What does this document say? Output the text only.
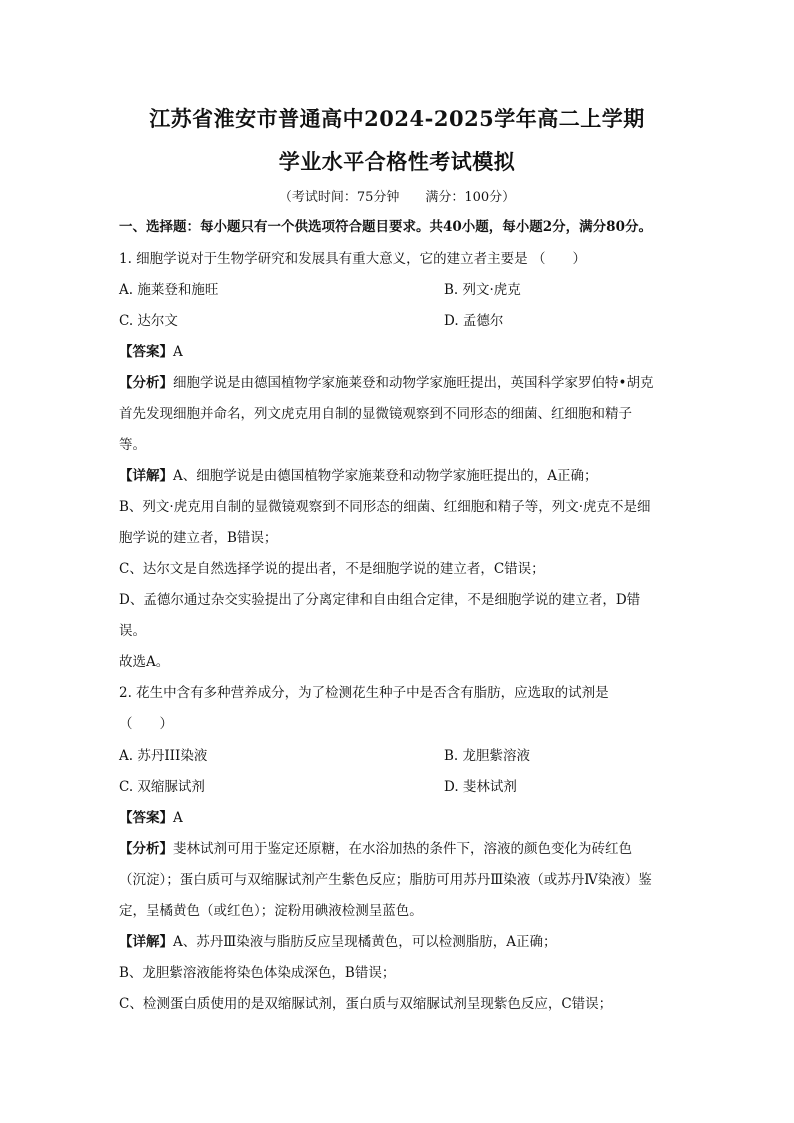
江苏省淮安市普通高中2024-2025学年高二上学期
学业水平合格性考试模拟
（考试时间：75分钟　　满分：100分）
一、选择题：每小题只有一个供选项符合题目要求。共40小题，每小题2分，满分80分。
1. 细胞学说对于生物学研究和发展具有重大意义，它的建立者主要是 （　　）
A. 施莱登和施旺	B. 列文·虎克
C. 达尔文	D. 孟德尔
【答案】A
【分析】细胞学说是由德国植物学家施莱登和动物学家施旺提出，英国科学家罗伯特•胡克
首先发现细胞并命名，列文虎克用自制的显微镜观察到不同形态的细菌、红细胞和精子
等。
【详解】A、细胞学说是由德国植物学家施莱登和动物学家施旺提出的，A正确；
B、列文·虎克用自制的显微镜观察到不同形态的细菌、红细胞和精子等，列文·虎克不是细
胞学说的建立者，B错误；
C、达尔文是自然选择学说的提出者，不是细胞学说的建立者，C错误；
D、孟德尔通过杂交实验提出了分离定律和自由组合定律，不是细胞学说的建立者，D错
误。
故选A。
2. 花生中含有多种营养成分，为了检测花生种子中是否含有脂肪，应选取的试剂是
（　　）
A. 苏丹III染液	B. 龙胆紫溶液
C. 双缩脲试剂	D. 斐林试剂
【答案】A
【分析】斐林试剂可用于鉴定还原糖，在水浴加热的条件下，溶液的颜色变化为砖红色
（沉淀）；蛋白质可与双缩脲试剂产生紫色反应；脂肪可用苏丹Ⅲ染液（或苏丹Ⅳ染液）鉴
定，呈橘黄色（或红色）；淀粉用碘液检测呈蓝色。
【详解】A、苏丹Ⅲ染液与脂肪反应呈现橘黄色，可以检测脂肪，A正确；
B、龙胆紫溶液能将染色体染成深色，B错误；
C、检测蛋白质使用的是双缩脲试剂，蛋白质与双缩脲试剂呈现紫色反应，C错误；
